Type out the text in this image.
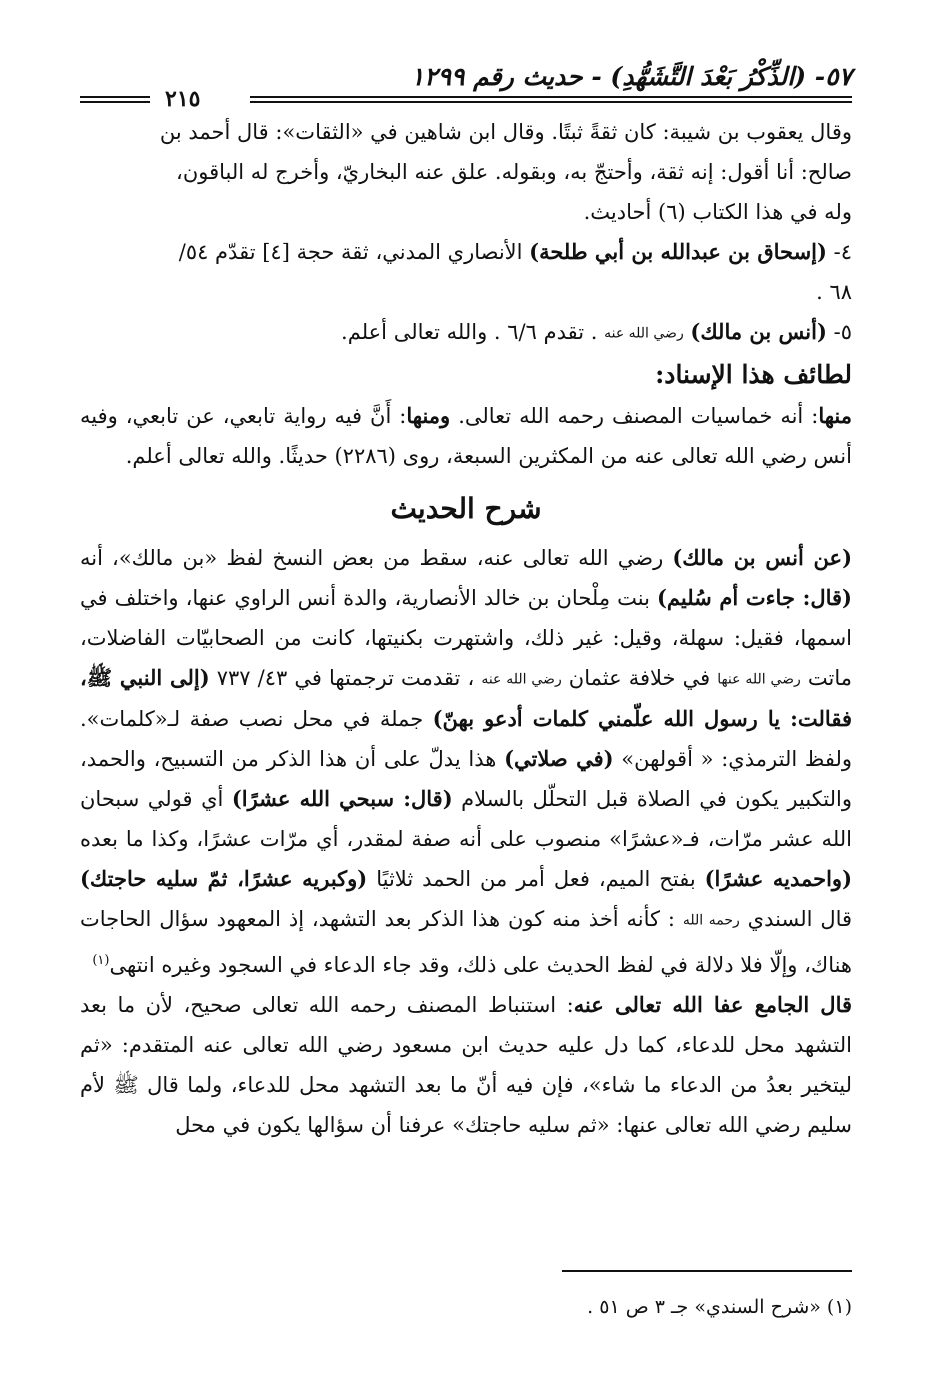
٥٧- (الذِّكْرُ بَعْدَ التَّشَهُّدِ) - حديث رقم ١٢٩٩
٢١٥

وقال يعقوب بن شيبة: كان ثقةً ثبتًا. وقال ابن شاهين في «الثقات»: قال أحمد بن

صالح: أنا أقول: إنه ثقة، وأحتجّ به، وبقوله. علق عنه البخاريّ، وأخرج له الباقون،

وله في هذا الكتاب (٦) أحاديث.

٤- (إسحاق بن عبدالله بن أبي طلحة) الأنصاري المدني، ثقة حجة [٤] تقدّم ٥٤/

٦٨ .

٥- (أنس بن مالك) رضي الله عنه . تقدم ٦/٦ . والله تعالى أعلم.

لطائف هذا الإسناد:

منها: أنه خماسيات المصنف رحمه الله تعالى. ومنها: أَنَّ فيه رواية تابعي، عن تابعي، وفيه أنس رضي الله تعالى عنه من المكثرين السبعة، روى (٢٢٨٦) حديثًا. والله تعالى أعلم.

شرح الحديث

(عن أنس بن مالك) رضي الله تعالى عنه، سقط من بعض النسخ لفظ «بن مالك»، أنه (قال: جاءت أم سُليم) بنت مِلْحان بن خالد الأنصارية، والدة أنس الراوي عنها، واختلف في اسمها، فقيل: سهلة، وقيل: غير ذلك، واشتهرت بكنيتها، كانت من الصحابيّات الفاضلات، ماتت رضي الله عنها في خلافة عثمان رضي الله عنه ، تقدمت ترجمتها في ٤٣/ ٧٣٧ (إلى النبي ﷺ، فقالت: يا رسول الله علّمني كلمات أدعو بهنّ) جملة في محل نصب صفة لـ«كلمات». ولفظ الترمذي: « أقولهن» (في صلاتي) هذا يدلّ على أن هذا الذكر من التسبيح، والحمد، والتكبير يكون في الصلاة قبل التحلّل بالسلام (قال: سبحي الله عشرًا) أي قولي سبحان الله عشر مرّات، فـ«عشرًا» منصوب على أنه صفة لمقدر، أي مرّات عشرًا، وكذا ما بعده (واحمديه عشرًا) بفتح الميم، فعل أمر من الحمد ثلاثيًا (وكبريه عشرًا، ثمّ سليه حاجتك) قال السندي رحمه الله : كأنه أخذ منه كون هذا الذكر بعد التشهد، إذ المعهود سؤال الحاجات هناك، وإلّا فلا دلالة في لفظ الحديث على ذلك، وقد جاء الدعاء في السجود وغيره انتهى$^{(١)}$

قال الجامع عفا الله تعالى عنه: استنباط المصنف رحمه الله تعالى صحيح، لأن ما بعد التشهد محل للدعاء، كما دل عليه حديث ابن مسعود رضي الله تعالى عنه المتقدم: «ثم ليتخير بعدُ من الدعاء ما شاء»، فإن فيه أنّ ما بعد التشهد محل للدعاء، ولما قال ﷺ لأم سليم رضي الله تعالى عنها: «ثم سليه حاجتك» عرفنا أن سؤالها يكون في محل

(١) «شرح السندي» جـ ٣ ص ٥١ .
